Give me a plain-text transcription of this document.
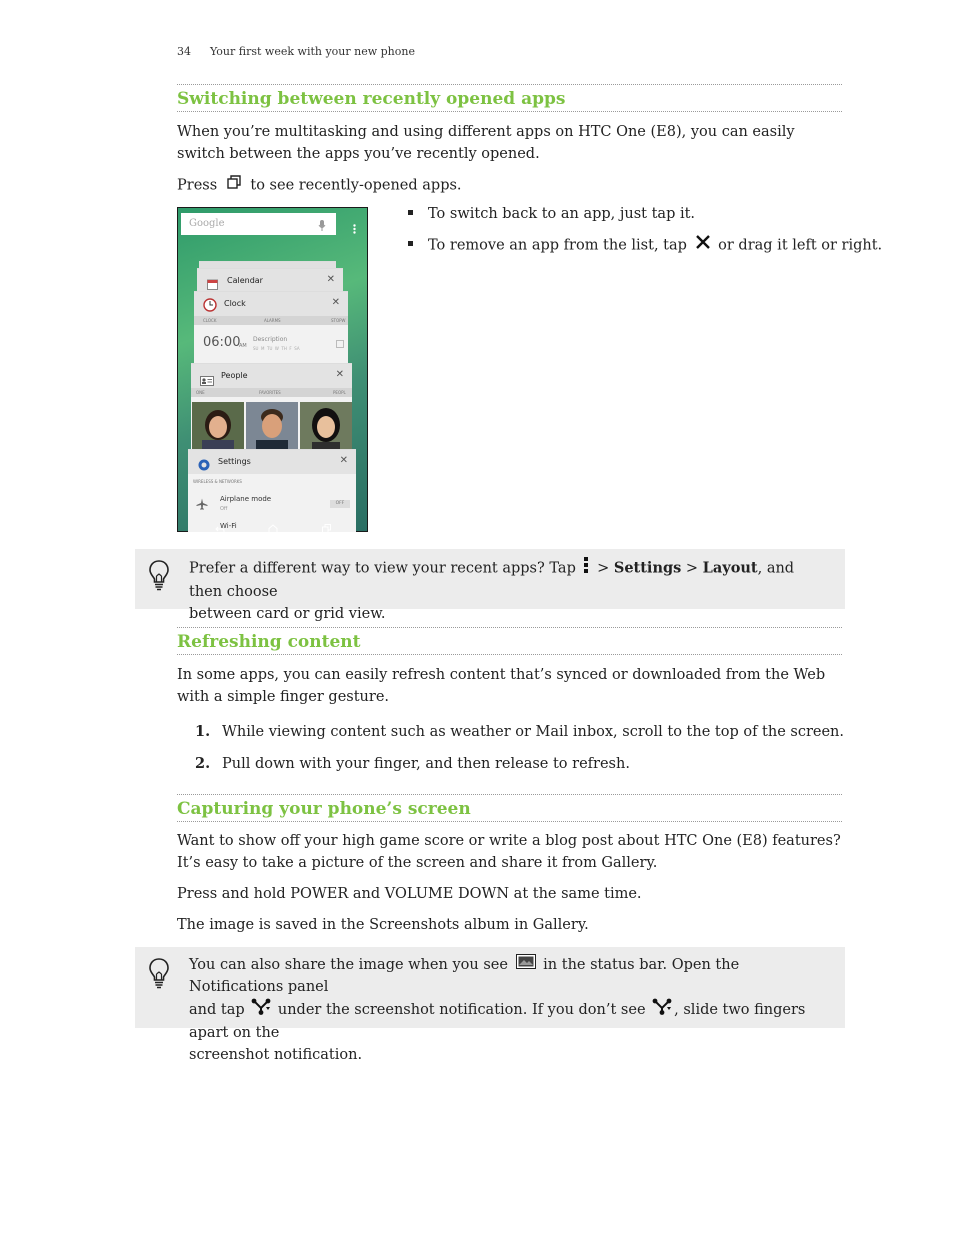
34 Your first week with your new phone
Switching between recently opened apps
When you’re multitasking and using different apps on HTC One (E8), you can easily switch between the apps you’ve recently opened.
Press to see recently-opened apps.
Google
Calendar	✕
Clock	✕
CLOCK	ALARMS	STOPW
06:00
AM
Description
SU  M  TU  W  TH  F  SA
People	✕
ONE	FAVORITES	PEOPL
Settings	✕
WIRELESS & NETWORKS
Airplane mode
Off
OFF
Wi-Fi
To switch back to an app, just tap it.
To remove an app from the list, tap or drag it left or right.
Prefer a different way to view your recent apps? Tap > Settings > Layout, and then choose
between card or grid view.
Refreshing content
In some apps, you can easily refresh content that’s synced or downloaded from the Web with a simple finger gesture.
1. While viewing content such as weather or Mail inbox, scroll to the top of the screen.
2. Pull down with your finger, and then release to refresh.
Capturing your phone’s screen
Want to show off your high game score or write a blog post about HTC One (E8) features? It’s easy to take a picture of the screen and share it from Gallery.
Press and hold POWER and VOLUME DOWN at the same time.
The image is saved in the Screenshots album in Gallery.
You can also share the image when you see in the status bar. Open the Notifications panel
and tap under the screenshot notification. If you don’t see , slide two fingers apart on the
screenshot notification.
